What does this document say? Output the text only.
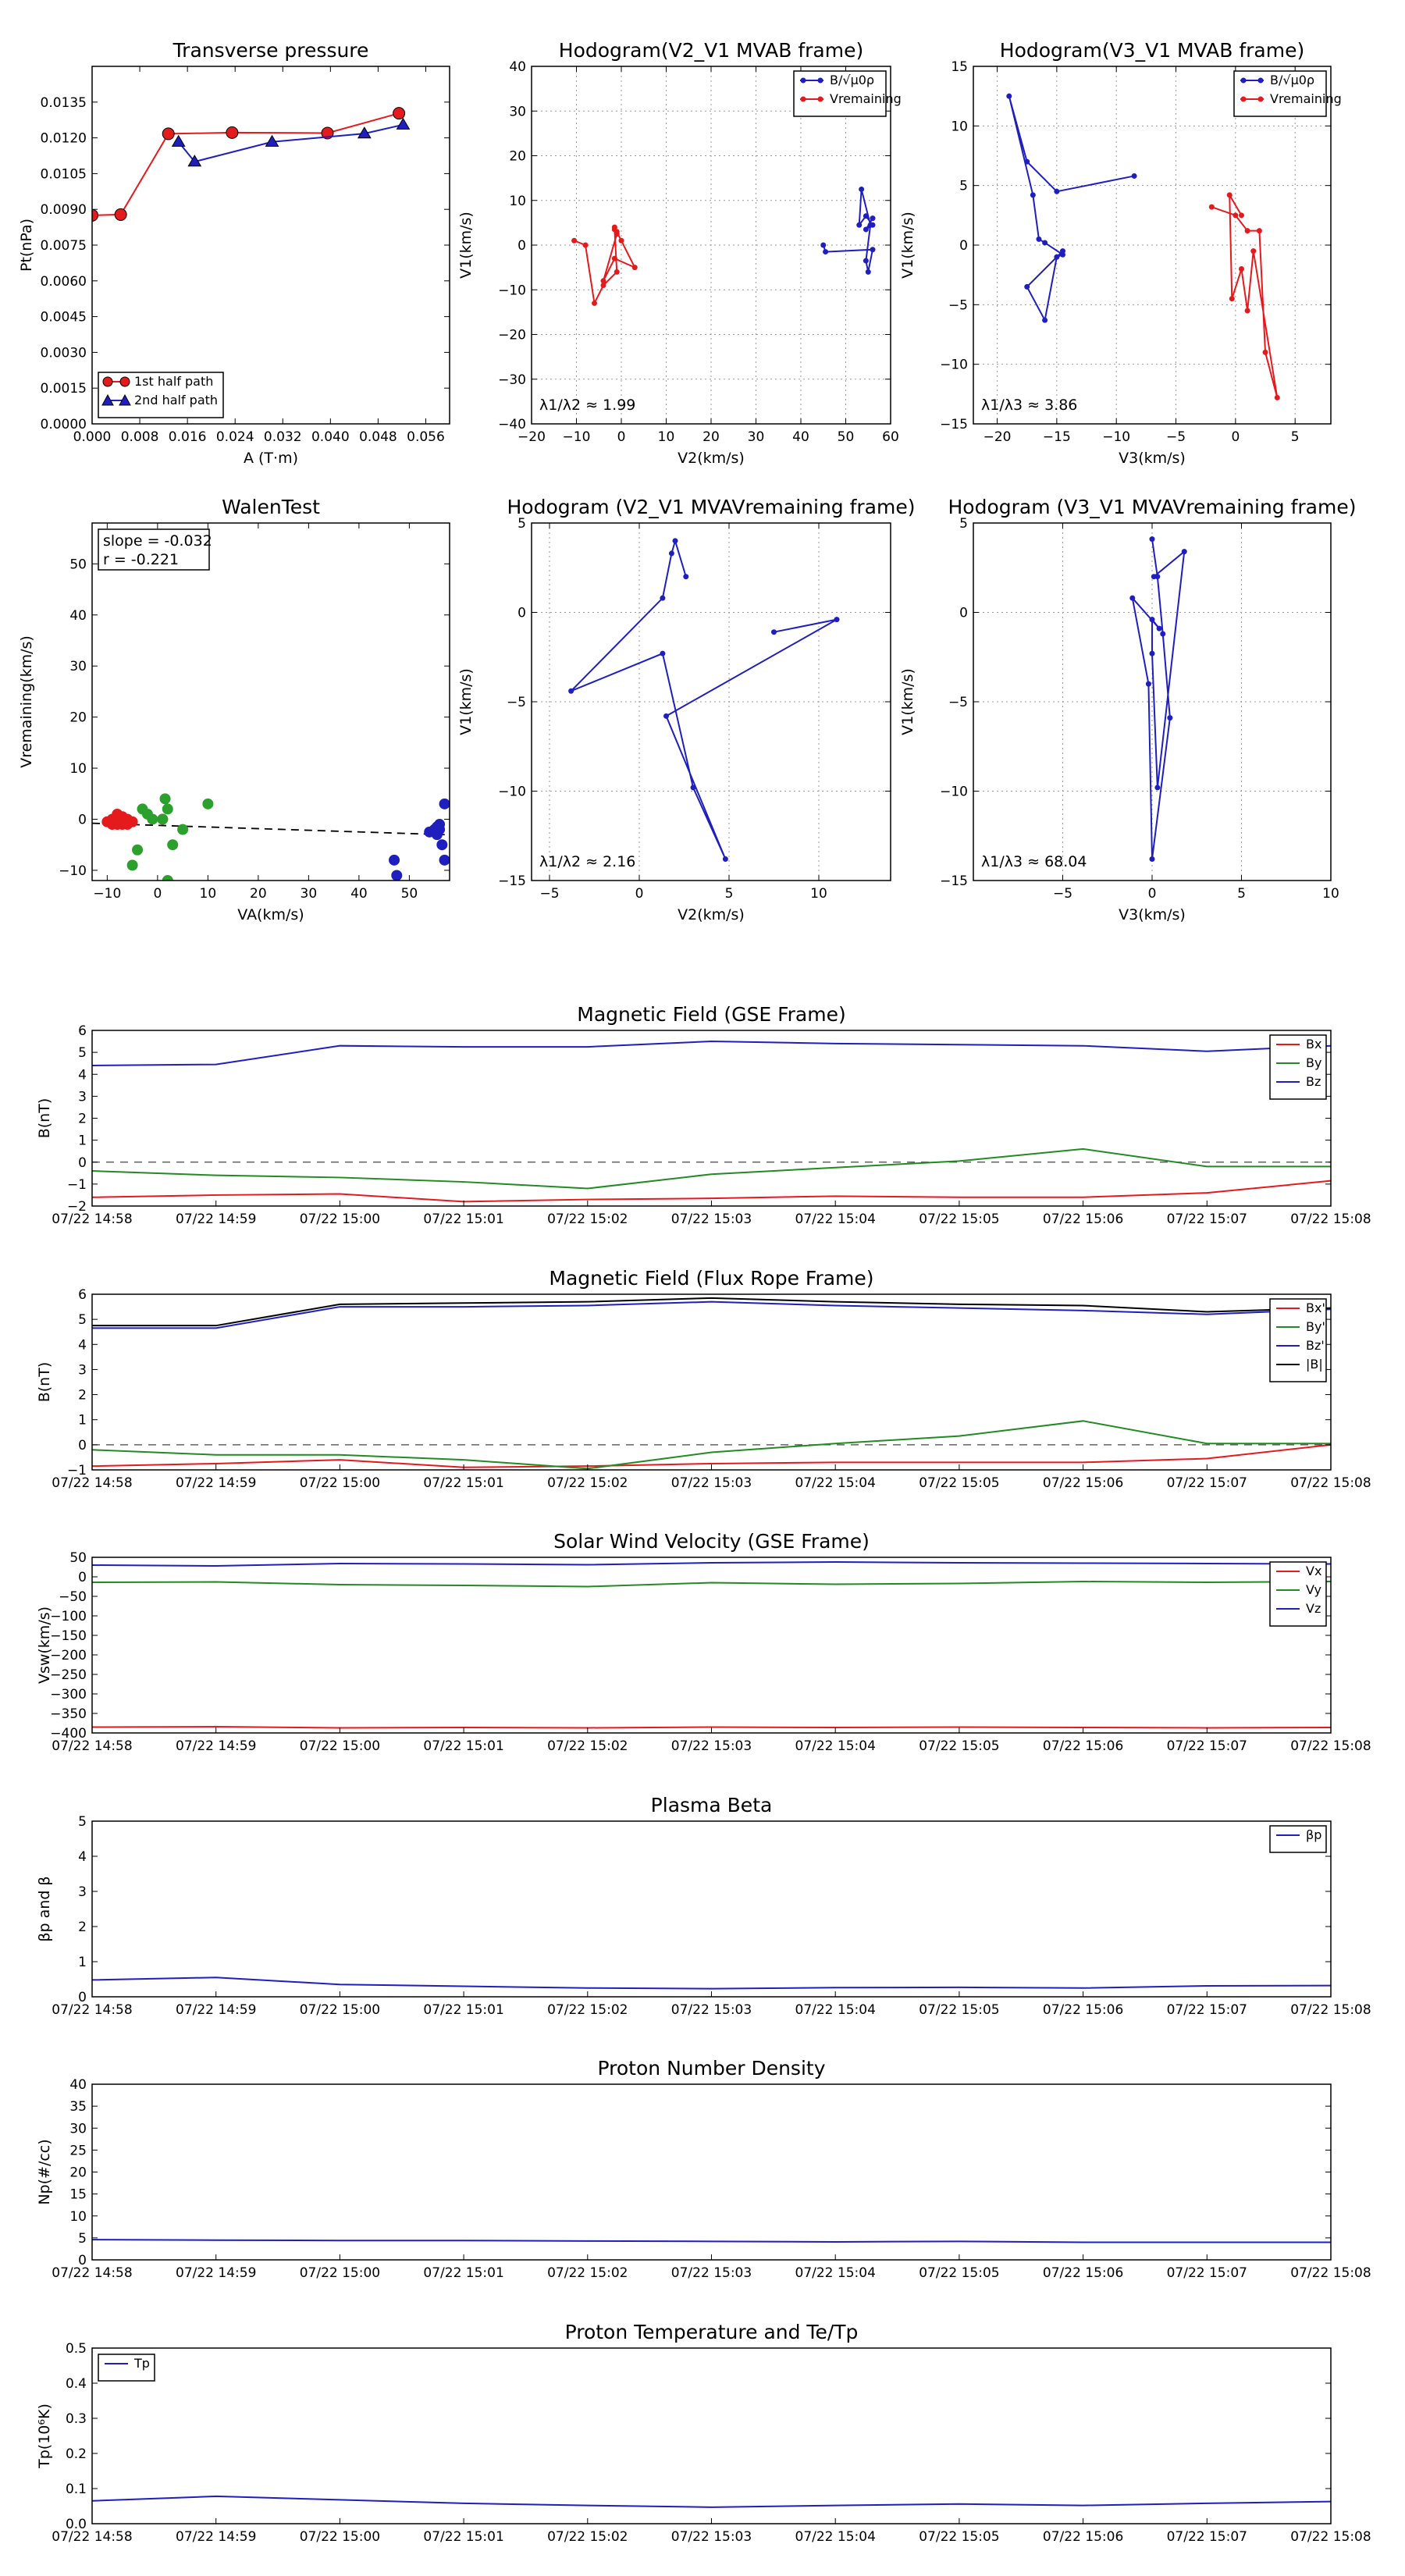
Transverse pressure
0.0000
0.0015
0.0030
0.0045
0.0060
0.0075
0.0090
0.0105
0.0120
0.0135
0.000 0.008 0.016 0.024 0.032 0.040 0.048 0.056
A (T·m)
Pt(nPa)
1st half path
2nd half path
Hodogram(V2_V1 MVAB frame)
−40
−30
−20
−10
0
10
20
30
40
−20 −10 0 10 20 30 40 50 60
V2(km/s)
V1(km/s)
λ1/λ2 ≈ 1.99
B/√μ0ρ
Vremaining
Hodogram(V3_V1 MVAB frame)
−15
−10
−5
0
5
10
15
−20 −15 −10	−5	0	5
V3(km/s)
V1(km/s)
λ1/λ3 ≈ 3.86
B/√μ0ρ
Vremaining
WalenTest
−10
0
10
20
30
40
50
−10 0	10	20	30	40	50
VA(km/s)
Vremaining(km/s)
slope = -0.032
r = -0.221
Hodogram (V2_V1 MVAVremaining frame)
−15
−10
−5
0
5
−5	0	5	10
V2(km/s)
V1(km/s)
λ1/λ2 ≈ 2.16
Hodogram (V3_V1 MVAVremaining frame)
−15
−10
−5
0
5
−5	0	5	10
V3(km/s)
V1(km/s)
λ1/λ3 ≈ 68.04
Magnetic Field (GSE Frame)
−2
−1
0
1
2
3
4
5
6
07/22 14:58	07/22 14:59	07/22 15:00	07/22 15:01	07/22 15:02	07/22 15:03	07/22 15:04	07/22 15:05	07/22 15:06	07/22 15:07	07/22 15:08
B(nT)
Bx
By
Bz
Magnetic Field (Flux Rope Frame)
−1
0
1
2
3
4
5
6
07/22 14:58	07/22 14:59	07/22 15:00	07/22 15:01	07/22 15:02	07/22 15:03	07/22 15:04	07/22 15:05	07/22 15:06	07/22 15:07	07/22 15:08
B(nT)
Bx'
By'
Bz'
|B|
Solar Wind Velocity (GSE Frame)
−400
−350
−300
−250
−200
−150
−100
−50
0
50
07/22 14:58	07/22 14:59	07/22 15:00	07/22 15:01	07/22 15:02	07/22 15:03	07/22 15:04	07/22 15:05	07/22 15:06	07/22 15:07	07/22 15:08
Vsw(km/s)
Vx
Vy
Vz
Plasma Beta
0
1
2
3
4
5
07/22 14:58	07/22 14:59	07/22 15:00	07/22 15:01	07/22 15:02	07/22 15:03	07/22 15:04	07/22 15:05	07/22 15:06	07/22 15:07	07/22 15:08
βp and β
βp
Proton Number Density
0
5
10
15
20
25
30
35
40
07/22 14:58	07/22 14:59	07/22 15:00	07/22 15:01	07/22 15:02	07/22 15:03	07/22 15:04	07/22 15:05	07/22 15:06	07/22 15:07	07/22 15:08
Np(#/cc)
Proton Temperature and Te/Tp
0.0
0.1
0.2
0.3
0.4
0.5
07/22 14:58	07/22 14:59	07/22 15:00	07/22 15:01	07/22 15:02	07/22 15:03	07/22 15:04	07/22 15:05	07/22 15:06	07/22 15:07	07/22 15:08
Tp(10⁶K)
Tp
